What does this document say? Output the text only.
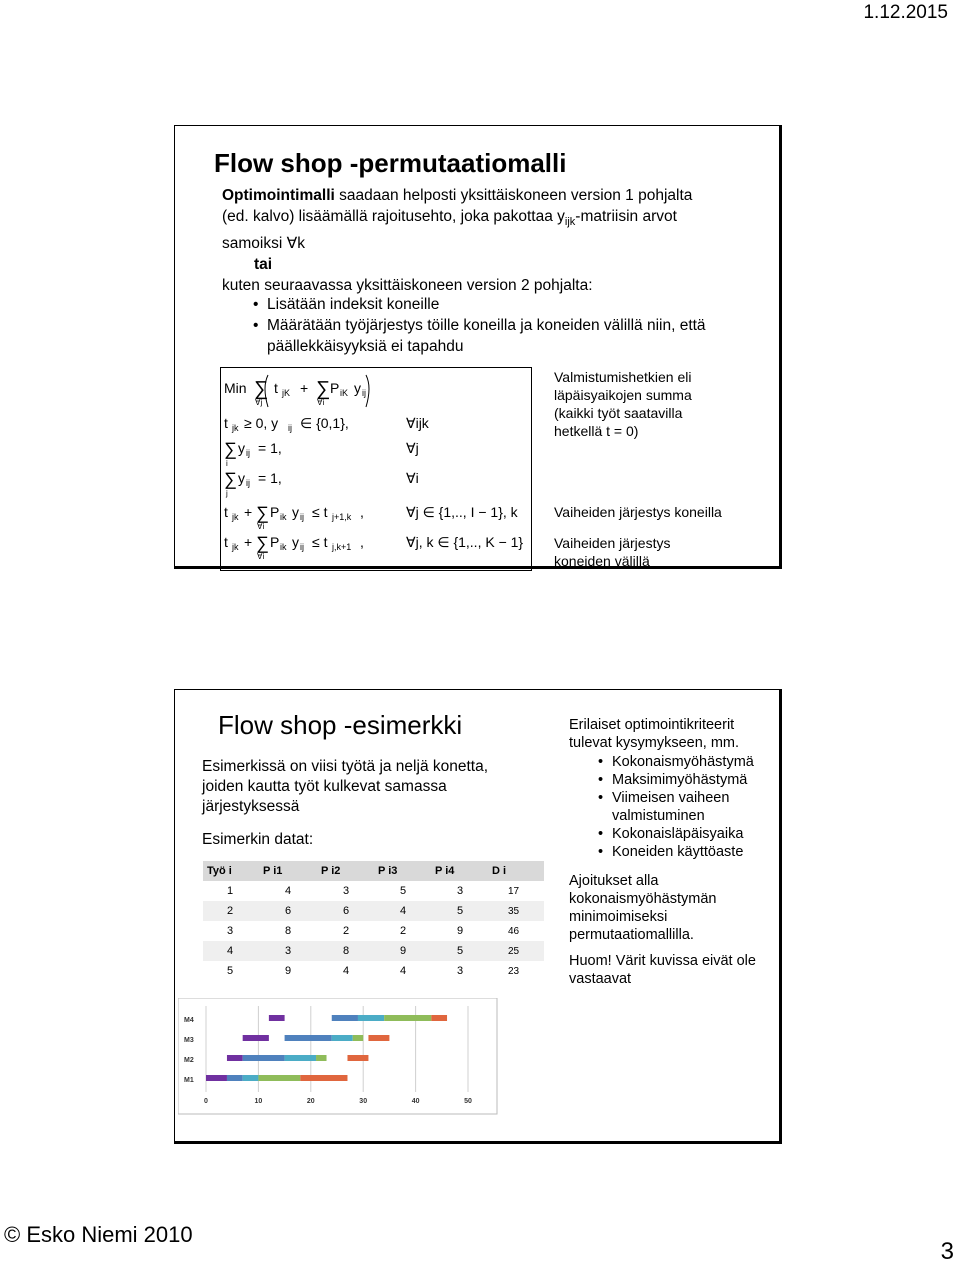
1.12.2015
Flow shop -permutaatiomalli
Optimointimalli saadaan helposti yksittäiskoneen version 1 pohjalta
(ed. kalvo) lisäämällä rajoitusehto, joka pakottaa $y_{ijk}$-matriisin arvot
samoiksi ∀k
tai
kuten seuraavassa yksittäiskoneen version 2 pohjalta:
• Lisätään indeksit koneille
• Määrätään työjärjestys töille koneilla ja koneiden välillä niin, että päällekkäisyyksiä ei tapahdu
Min ∑
∀j
t jK + ∑
∀i
P iK y ij
t jk ≥ 0, y ij ∈ {0,1},	∀ijk
∑
i
y ij = 1,	∀j
∑
j
y ij = 1,	∀i
t jk + ∑
∀i
P ik y ij ≤ t j+1,k ,	∀j ∈ {1,.., I − 1}, k
t jk + ∑
∀i
P ik y ij ≤ t j,k+1 ,	∀j, k ∈ {1,.., K − 1}
Valmistumishetkien eli läpäisyaikojen summa (kaikki työt saatavilla hetkellä t = 0)
Vaiheiden järjestys koneilla
Vaiheiden järjestys koneiden välillä
Flow shop -esimerkki
Esimerkissä on viisi työtä ja neljä konetta, joiden kautta työt kulkevat samassa järjestyksessä
Esimerkin datat:
Työ i	P i1	P i2	P i3	P i4	D i
1	4	3	5	3	17
2	6	6	4	5	35
3	8	2	2	9	46
4	3	8	9	5	25
5	9	4	4	3	23
Erilaiset optimointikriteerit tulevat kysymykseen, mm.
• Kokonaismyöhästymä
• Maksimimyöhästymä
• Viimeisen vaiheen valmistuminen
• Kokonaisläpäisyaika
• Koneiden käyttöaste
Ajoitukset alla kokonaismyöhästymän minimoimiseksi permutaatiomallilla.
Huom! Värit kuvissa eivät ole vastaavat
0	10	20	30	40	50
M4
M3
M2
M1
© Esko Niemi 2010
3
